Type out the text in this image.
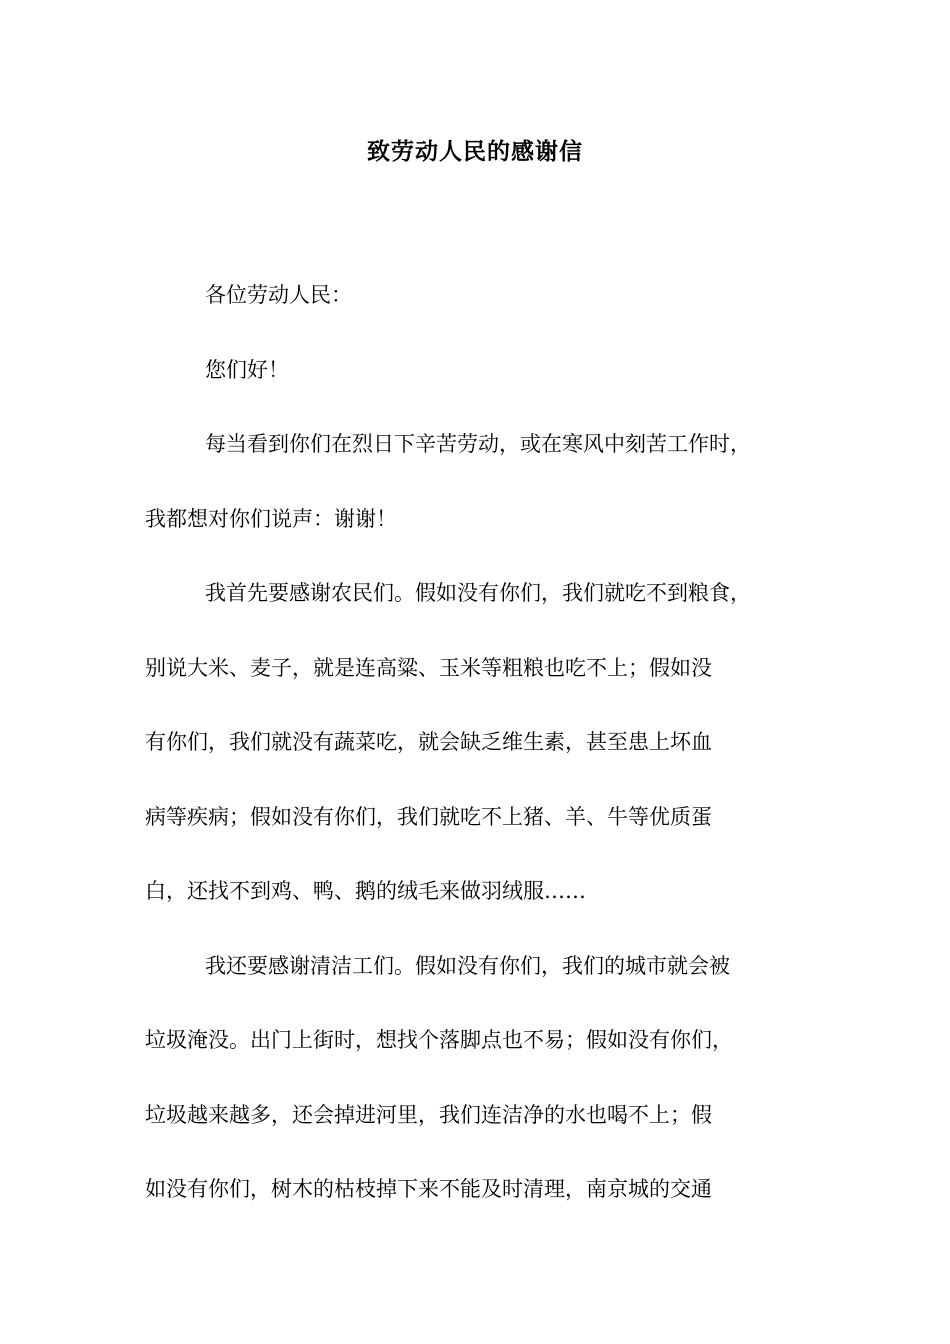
致劳动人民的感谢信
各位劳动人民：
您们好！
每当看到你们在烈日下辛苦劳动，或在寒风中刻苦工作时，
我都想对你们说声：谢谢！
我首先要感谢农民们。假如没有你们，我们就吃不到粮食，
别说大米、麦子，就是连高粱、玉米等粗粮也吃不上；假如没
有你们，我们就没有蔬菜吃，就会缺乏维生素，甚至患上坏血
病等疾病；假如没有你们，我们就吃不上猪、羊、牛等优质蛋
白，还找不到鸡、鸭、鹅的绒毛来做羽绒服……
我还要感谢清洁工们。假如没有你们，我们的城市就会被
垃圾淹没。出门上街时，想找个落脚点也不易；假如没有你们，
垃圾越来越多，还会掉进河里，我们连洁净的水也喝不上；假
如没有你们，树木的枯枝掉下来不能及时清理，南京城的交通
